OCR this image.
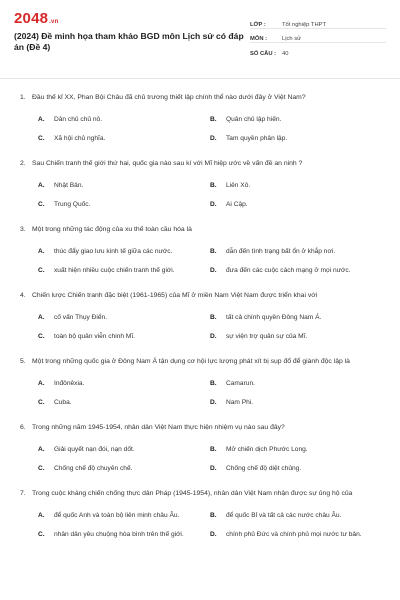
2048.vn
(2024) Đề minh họa tham khảo BGD môn Lịch sử có đáp án (Đề 4)
LỚP :	Tốt nghiệp THPT
MÔN :	Lịch sử
SỐ CÂU :	40
1. Đầu thế kỉ XX, Phan Bội Châu đã chủ trương thiết lập chính thể nào dưới đây ở Việt Nam?
A.	Dân chủ chủ nô.	B.	Quân chủ lập hiến.
C.	Xã hội chủ nghĩa.	D.	Tam quyền phân lập.
2. Sau Chiến tranh thế giới thứ hai, quốc gia nào sau kí với Mĩ hiệp ước về vấn đề an ninh ?
A.	Nhật Bản.	B.	Liên Xô.
C.	Trung Quốc.	D.	Ai Cập.
3. Một trong những tác động của xu thế toàn cầu hóa là
A.	thúc đẩy giao lưu kinh tế giữa các nước.	B.	dẫn đến tình trạng bất ổn ở khắp nơi.
C.	xuất hiện nhiều cuộc chiến tranh thế giới.	D.	đưa đến các cuộc cách mạng ở mọi nước.
4. Chiến lược Chiến tranh đặc biệt (1961-1965) của Mĩ ở miền Nam Việt Nam được triển khai với
A.	cố vấn Thụy Điển.	B.	tất cả chính quyền Đông Nam Á.
C.	toàn bộ quân viễn chinh Mĩ.	D.	sự viện trợ quân sự của Mĩ.
5. Một trong những quốc gia ở Đông Nam Á tận dụng cơ hội lực lượng phát xít bị sụp đổ để giành độc lập là
A.	Inđônêxia.	B.	Camarun.
C.	Cuba.	D.	Nam Phi.
6. Trong những năm 1945-1954, nhân dân Việt Nam thực hiện nhiệm vụ nào sau đây?
A.	Giải quyết nạn đói, nạn dốt.	B.	Mở chiến dịch Phước Long.
C.	Chống chế độ chuyên chế.	D.	Chống chế độ diệt chủng.
7. Trong cuộc kháng chiến chống thực dân Pháp (1945-1954), nhân dân Việt Nam nhận được sự ủng hộ của
A.	để quốc Anh và toàn bộ liên minh châu Âu.	B.	để quốc Bỉ và tất cả các nước châu Âu.
C.	nhân dân yêu chuộng hòa bình trên thế giới.	D.	chính phủ Đức và chính phủ mọi nước tư bản.
